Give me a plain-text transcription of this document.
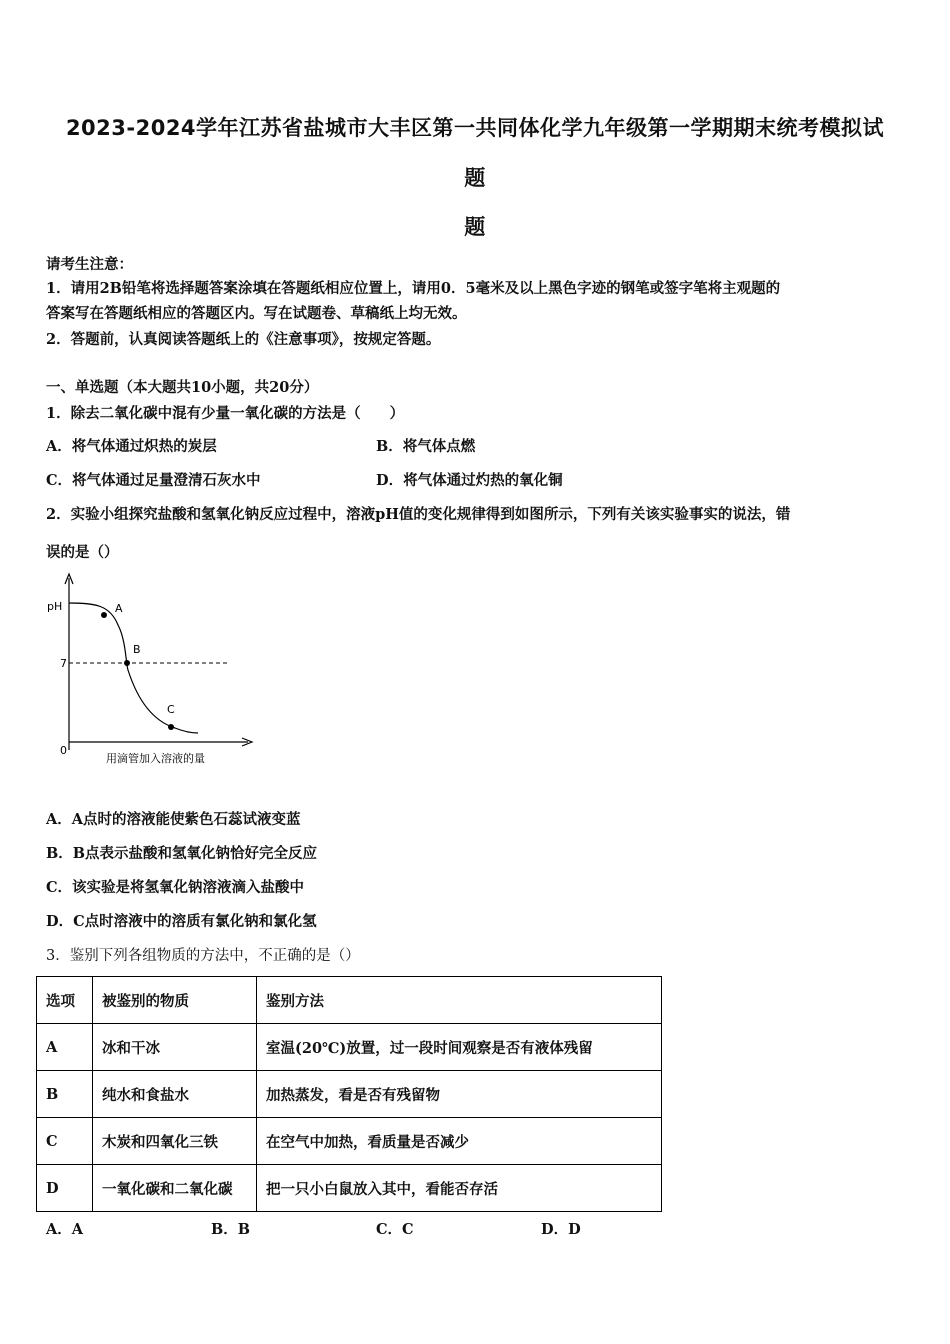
2023-2024学年江苏省盐城市大丰区第一共同体化学九年级第一学期期末统考模拟试
题
题
请考生注意：
1．请用2B铅笔将选择题答案涂填在答题纸相应位置上，请用0．5毫米及以上黑色字迹的钢笔或签字笔将主观题的
答案写在答题纸相应的答题区内。写在试题卷、草稿纸上均无效。
2．答题前，认真阅读答题纸上的《注意事项》，按规定答题。
一、单选题（本大题共10小题，共20分）
1．除去二氧化碳中混有少量一氧化碳的方法是（　　）
A．将气体通过炽热的炭层	B．将气体点燃
C．将气体通过足量澄清石灰水中	D．将气体通过灼热的氧化铜
2．实验小组探究盐酸和氢氧化钠反应过程中，溶液pH值的变化规律得到如图所示，下列有关该实验事实的说法，错
误的是（）
pH
7
0
用滴管加入溶液的量
A
B
C
A．A点时的溶液能使紫色石蕊试液变蓝
B．B点表示盐酸和氢氧化钠恰好完全反应
C．该实验是将氢氧化钠溶液滴入盐酸中
D．C点时溶液中的溶质有氯化钠和氯化氢
3．鉴别下列各组物质的方法中，不正确的是（）
选项	被鉴别的物质	鉴别方法
A	冰和干冰	室温(20℃)放置，过一段时间观察是否有液体残留
B	纯水和食盐水	加热蒸发，看是否有残留物
C	木炭和四氧化三铁	在空气中加热，看质量是否减少
D	一氧化碳和二氧化碳	把一只小白鼠放入其中，看能否存活
A．A	B．B	C．C	D．D
